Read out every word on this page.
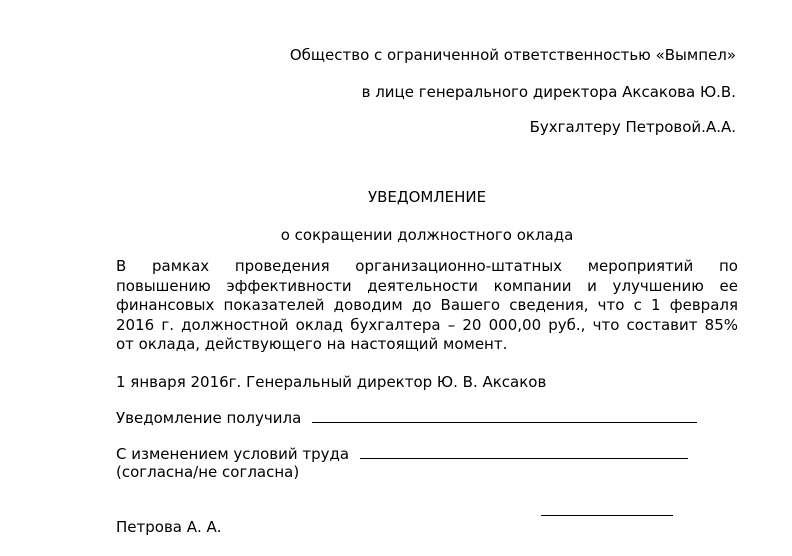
Общество с ограниченной ответственностью «Вымпел»
в лице генерального директора Аксакова Ю.В.
Бухгалтеру Петровой.А.А.
УВЕДОМЛЕНИЕ
о сокращении должностного оклада
В рамках проведения организационно-штатных мероприятий по
повышению эффективности деятельности компании и улучшению ее
финансовых показателей доводим до Вашего сведения, что с 1 февраля
2016 г. должностной оклад бухгалтера – 20 000,00 руб., что составит 85%
от оклада, действующего на настоящий момент.
1 января 2016г. Генеральный директор Ю. В. Аксаков
Уведомление получила
С изменением условий труда
(согласна/не согласна)
Петрова А. А.
